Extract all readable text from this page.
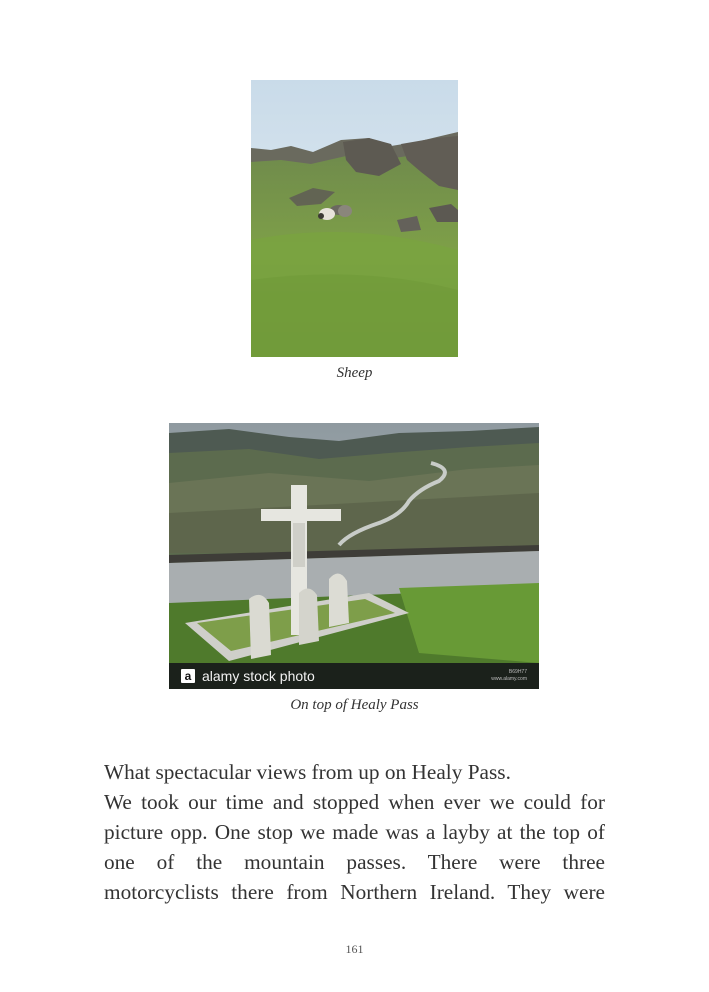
Sheep
a alamy stock photo	B69H77
www.alamy.com
On top of Healy Pass

What spectacular views from up on Healy Pass.

We took our time and stopped when ever we could for picture opp. One stop we made was a layby at the top of one of the mountain passes. There were three motorcyclists there from Northern Ireland. They were

161
